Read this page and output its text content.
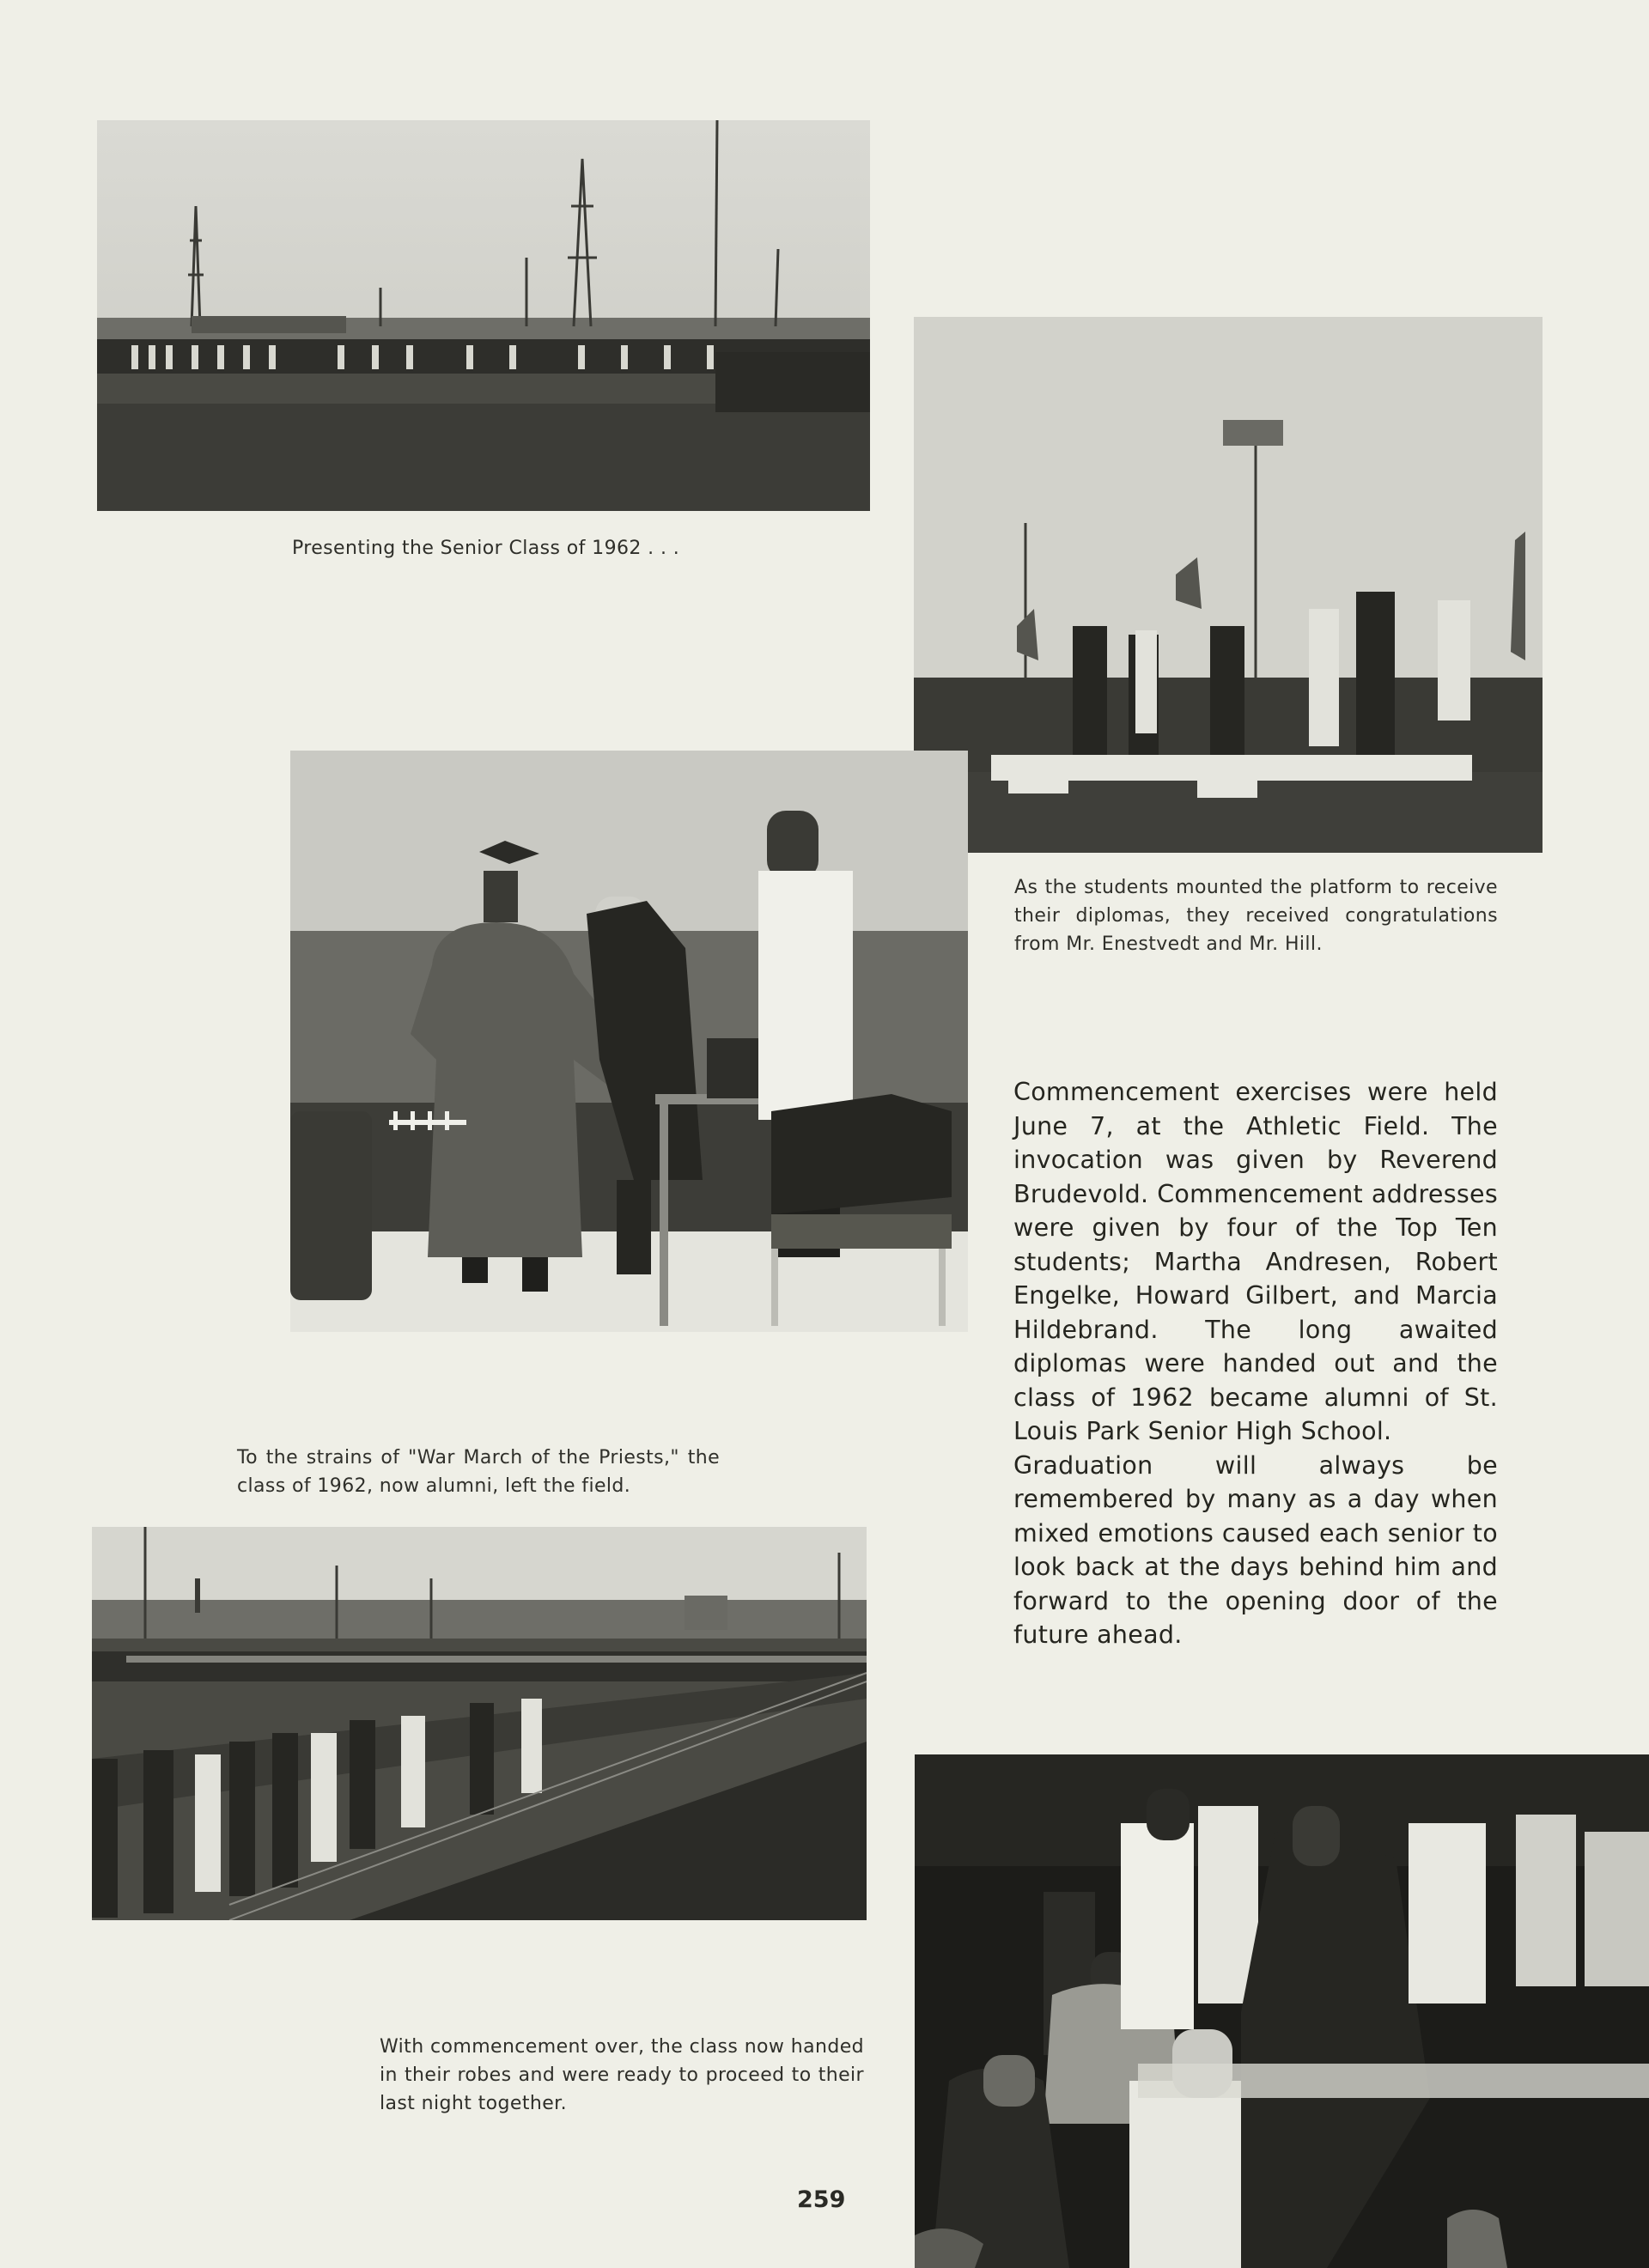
Presenting the Senior Class of 1962 . . .
As the students mounted the platform to receive their diplomas, they received congratulations from Mr. Enestvedt and Mr. Hill.
To the strains of "War March of the Priests," the class of 1962, now alumni, left the field.
With commencement over, the class now handed in their robes and were ready to proceed to their last night together.

Commencement exercises were held June 7, at the Athletic Field. The invocation was given by Reverend Brudevold. Commencement addresses were given by four of the Top Ten students; Martha Andresen, Robert Engelke, Howard Gilbert, and Marcia Hildebrand. The long awaited diplomas were handed out and the class of 1962 became alumni of St. Louis Park Senior High School.

Graduation will always be remembered by many as a day when mixed emotions caused each senior to look back at the days behind him and forward to the opening door of the future ahead.

259
